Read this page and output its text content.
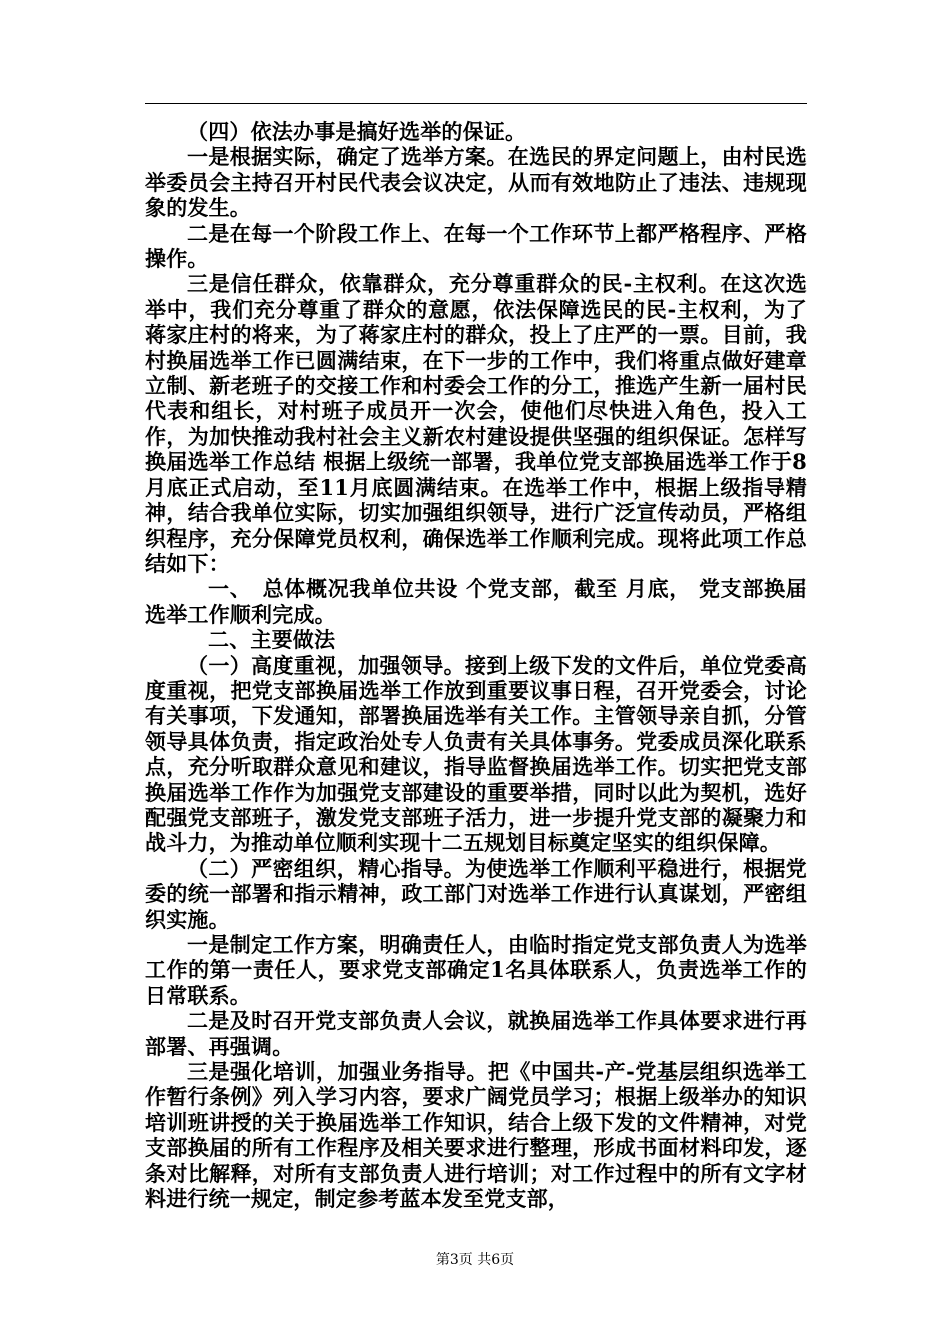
（四）依法办事是搞好选举的保证。

一是根据实际，确定了选举方案。在选民的界定问题上，由村民选举委员会主持召开村民代表会议决定，从而有效地防止了违法、违规现象的发生。

二是在每一个阶段工作上、在每一个工作环节上都严格程序、严格操作。

三是信任群众，依靠群众，充分尊重群众的民-主权利。在这次选举中，我们充分尊重了群众的意愿，依法保障选民的民-主权利，为了蒋家庄村的将来，为了蒋家庄村的群众，投上了庄严的一票。目前，我村换届选举工作已圆满结束，在下一步的工作中，我们将重点做好建章立制、新老班子的交接工作和村委会工作的分工，推选产生新一届村民代表和组长，对村班子成员开一次会，使他们尽快进入角色，投入工作，为加快推动我村社会主义新农村建设提供坚强的组织保证。怎样写换届选举工作总结 根据上级统一部署，我单位党支部换届选举工作于8月底正式启动，至11月底圆满结束。在选举工作中，根据上级指导精神，结合我单位实际，切实加强组织领导，进行广泛宣传动员，严格组织程序，充分保障党员权利，确保选举工作顺利完成。现将此项工作总结如下：

一、　总体概况我单位共设 个党支部，截至 月底， 党支部换届选举工作顺利完成。

二、主要做法

（一）高度重视，加强领导。接到上级下发的文件后，单位党委高度重视，把党支部换届选举工作放到重要议事日程，召开党委会，讨论有关事项，下发通知，部署换届选举有关工作。主管领导亲自抓，分管领导具体负责，指定政治处专人负责有关具体事务。党委成员深化联系点，充分听取群众意见和建议，指导监督换届选举工作。切实把党支部换届选举工作作为加强党支部建设的重要举措，同时以此为契机，选好配强党支部班子，激发党支部班子活力，进一步提升党支部的凝聚力和战斗力，为推动单位顺利实现十二五规划目标奠定坚实的组织保障。

（二）严密组织，精心指导。为使选举工作顺利平稳进行，根据党委的统一部署和指示精神，政工部门对选举工作进行认真谋划，严密组织实施。

一是制定工作方案，明确责任人，由临时指定党支部负责人为选举工作的第一责任人，要求党支部确定1名具体联系人，负责选举工作的日常联系。

二是及时召开党支部负责人会议，就换届选举工作具体要求进行再部署、再强调。

三是强化培训，加强业务指导。把《中国共-产-党基层组织选举工作暂行条例》列入学习内容，要求广阔党员学习；根据上级举办的知识培训班讲授的关于换届选举工作知识，结合上级下发的文件精神，对党支部换届的所有工作程序及相关要求进行整理，形成书面材料印发，逐条对比解释，对所有支部负责人进行培训；对工作过程中的所有文字材料进行统一规定，制定参考蓝本发至党支部，

第3页 共6页
